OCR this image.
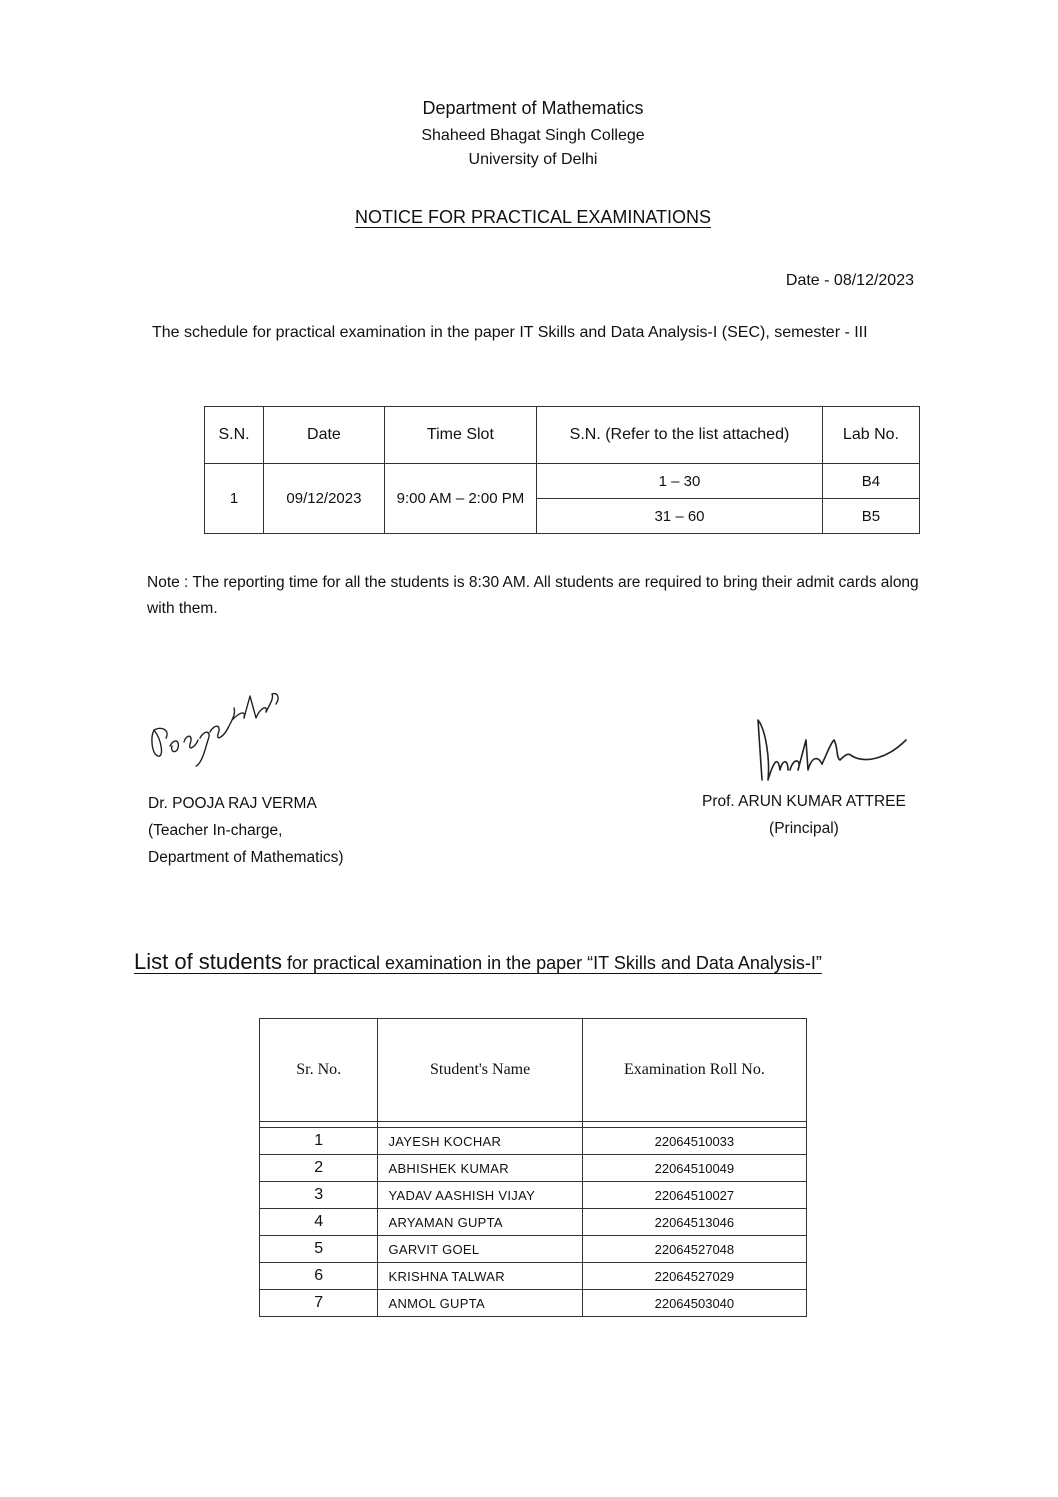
Department of Mathematics
Shaheed Bhagat Singh College
University of Delhi
NOTICE FOR PRACTICAL EXAMINATIONS
Date - 08/12/2023
The schedule for practical examination in the paper IT Skills and Data Analysis-I (SEC), semester - III
S.N.	Date	Time Slot	S.N. (Refer to the list attached)	Lab No.
1	09/12/2023	9:00 AM – 2:00 PM	1 – 30	B4
			31 – 60	B5
Note : The reporting time for all the students is 8:30 AM. All students are required to bring their admit cards along with them.
Dr. POOJA RAJ VERMA
(Teacher In-charge,
Department of Mathematics)
Prof. ARUN KUMAR ATTREE
(Principal)
List of students for practical examination in the paper “IT Skills and Data Analysis-I”
Sr. No.	Student's Name	Examination Roll No.

1	JAYESH KOCHAR	22064510033
2	ABHISHEK KUMAR	22064510049
3	YADAV AASHISH VIJAY	22064510027
4	ARYAMAN GUPTA	22064513046
5	GARVIT GOEL	22064527048
6	KRISHNA TALWAR	22064527029
7	ANMOL GUPTA	22064503040
